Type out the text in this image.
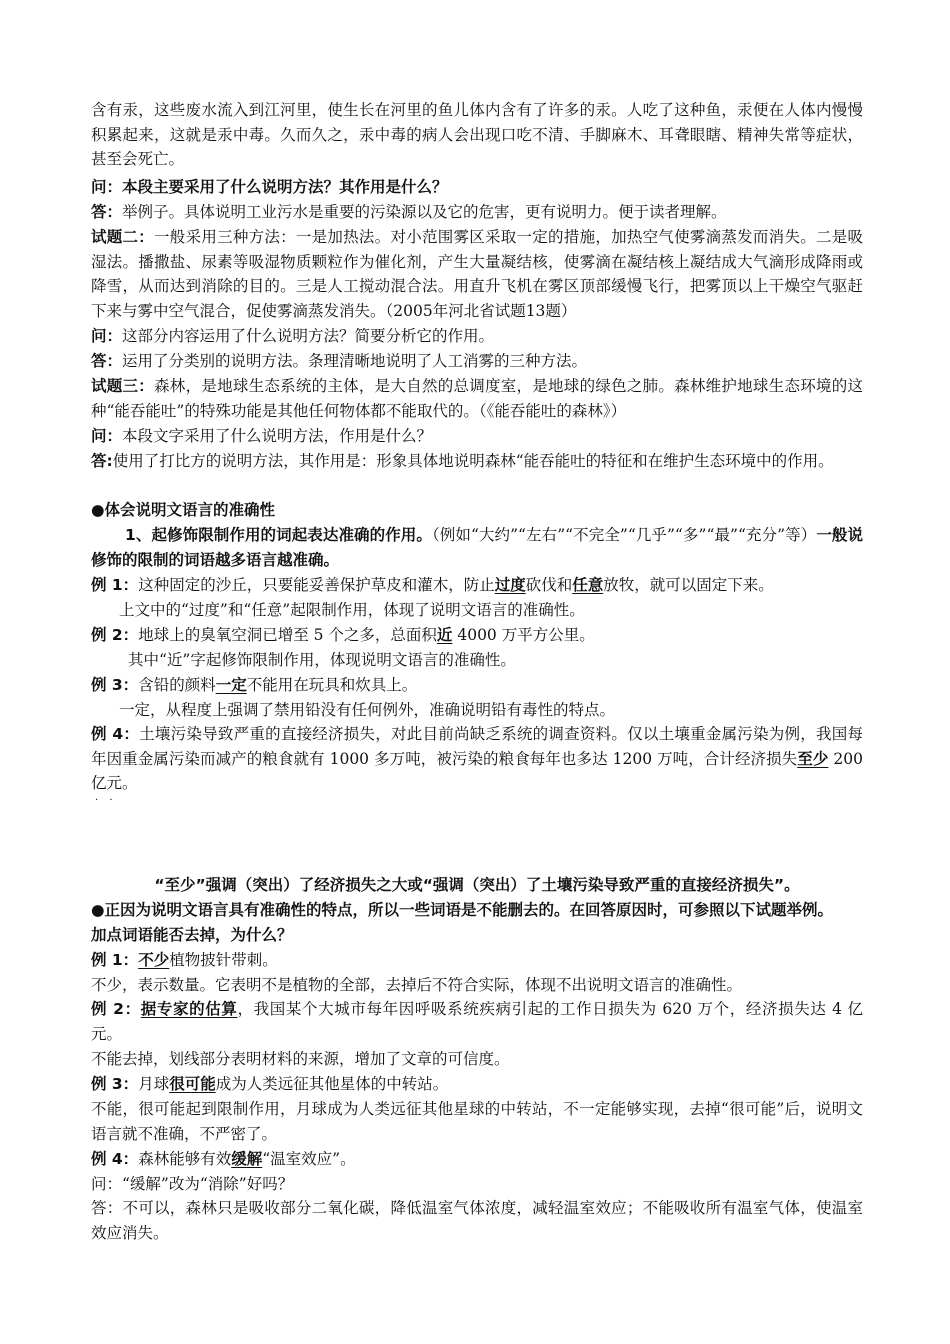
含有汞，这些废水流入到江河里，使生长在河里的鱼儿体内含有了许多的汞。人吃了这种鱼，汞便在人体内慢慢积累起来，这就是汞中毒。久而久之，汞中毒的病人会出现口吃不清、手脚麻木、耳聋眼瞎、精神失常等症状，甚至会死亡。
问：本段主要采用了什么说明方法？其作用是什么？
答：举例子。具体说明工业污水是重要的污染源以及它的危害，更有说明力。便于读者理解。
试题二：一般采用三种方法：一是加热法。对小范围雾区采取一定的措施，加热空气使雾滴蒸发而消失。二是吸湿法。播撒盐、尿素等吸湿物质颗粒作为催化剂，产生大量凝结核，使雾滴在凝结核上凝结成大气滴形成降雨或降雪，从而达到消除的目的。三是人工搅动混合法。用直升飞机在雾区顶部缓慢飞行，把雾顶以上干燥空气驱赶下来与雾中空气混合，促使雾滴蒸发消失。（2005年河北省试题13题）
问：这部分内容运用了什么说明方法？简要分析它的作用。
答：运用了分类别的说明方法。条理清晰地说明了人工消雾的三种方法。
试题三：森林，是地球生态系统的主体，是大自然的总调度室，是地球的绿色之肺。森林维护地球生态环境的这种“能吞能吐”的特殊功能是其他任何物体都不能取代的。（《能吞能吐的森林》）
问：本段文字采用了什么说明方法，作用是什么？
答:使用了打比方的说明方法，其作用是：形象具体地说明森林“能吞能吐的特征和在维护生态环境中的作用。
●体会说明文语言的准确性
1、起修饰限制作用的词起表达准确的作用。（例如“大约”“左右”“不完全”“几乎”“多”“最”“充分”等）一般说修饰的限制的词语越多语言越准确。
例 1：这种固定的沙丘，只要能妥善保护草皮和灌木，防止过度砍伐和任意放牧，就可以固定下来。
上文中的“过度”和“任意”起限制作用，体现了说明文语言的准确性。
例 2：地球上的臭氧空洞已增至 5 个之多，总面积近 4000 万平方公里。
其中“近”字起修饰限制作用，体现说明文语言的准确性。
例 3：含铅的颜料一定不能用在玩具和炊具上。
一定，从程度上强调了禁用铅没有任何例外，准确说明铅有毒性的特点。
例 4：土壤污染导致严重的直接经济损失，对此目前尚缺乏系统的调查资料。仅以土壤重金属污染为例，我国每年因重金属污染而减产的粮食就有 1000 多万吨，被污染的粮食每年也多达 1200 万吨，合计经济损失至少 200 亿元。
· ·
“至少”强调（突出）了经济损失之大或“强调（突出）了土壤污染导致严重的直接经济损失”。
●正因为说明文语言具有准确性的特点，所以一些词语是不能删去的。在回答原因时，可参照以下试题举例。
加点词语能否去掉，为什么？
例 1：不少植物披针带刺。
不少，表示数量。它表明不是植物的全部，去掉后不符合实际，体现不出说明文语言的准确性。
例 2：据专家的估算，我国某个大城市每年因呼吸系统疾病引起的工作日损失为 620 万个，经济损失达 4 亿元。
不能去掉，划线部分表明材料的来源，增加了文章的可信度。
例 3：月球很可能成为人类远征其他星体的中转站。
不能，很可能起到限制作用，月球成为人类远征其他星球的中转站，不一定能够实现，去掉“很可能”后，说明文语言就不准确，不严密了。
例 4：森林能够有效缓解“温室效应”。
问：“缓解”改为“消除”好吗？
答：不可以，森林只是吸收部分二氧化碳，降低温室气体浓度，减轻温室效应；不能吸收所有温室气体，使温室效应消失。
